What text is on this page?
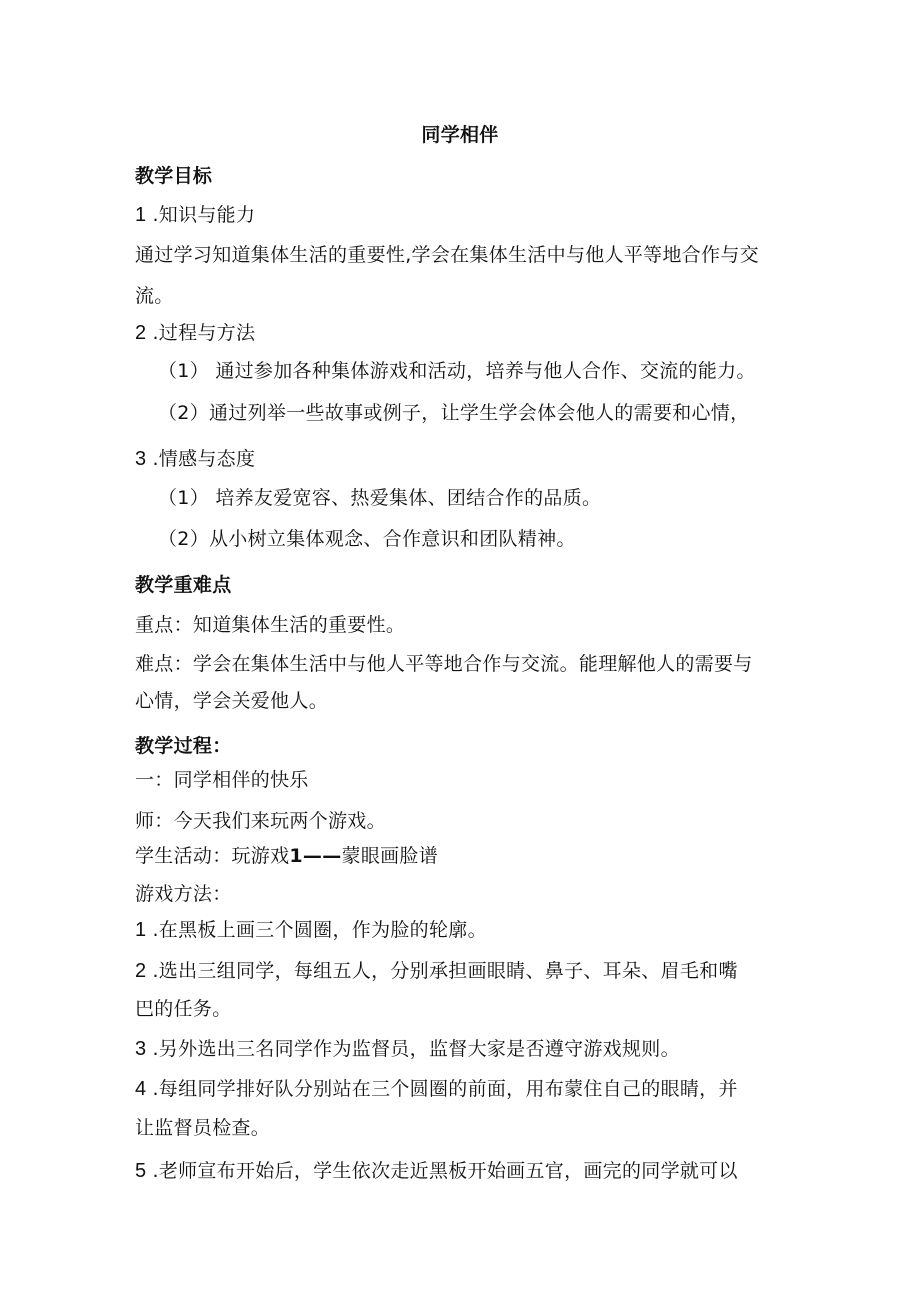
同学相伴
教学目标
1 .知识与能力
通过学习知道集体生活的重要性,学会在集体生活中与他人平等地合作与交
流。
2 .过程与方法
（1） 通过参加各种集体游戏和活动，培养与他人合作、交流的能力。
（2）通过列举一些故事或例子，让学生学会体会他人的需要和心情，
3 .情感与态度
（1） 培养友爱宽容、热爱集体、团结合作的品质。
（2）从小树立集体观念、合作意识和团队精神。
教学重难点
重点：知道集体生活的重要性。
难点：学会在集体生活中与他人平等地合作与交流。能理解他人的需要与
心情，学会关爱他人。
教学过程：
一：同学相伴的快乐
师：今天我们来玩两个游戏。
学生活动：玩游戏1——蒙眼画脸谱
游戏方法：
1 .在黑板上画三个圆圈，作为脸的轮廓。
2 .选出三组同学，每组五人，分别承担画眼睛、鼻子、耳朵、眉毛和嘴
巴的任务。
3 .另外选出三名同学作为监督员，监督大家是否遵守游戏规则。
4 .每组同学排好队分别站在三个圆圈的前面，用布蒙住自己的眼睛，并
让监督员检查。
5 .老师宣布开始后，学生依次走近黑板开始画五官，画完的同学就可以
